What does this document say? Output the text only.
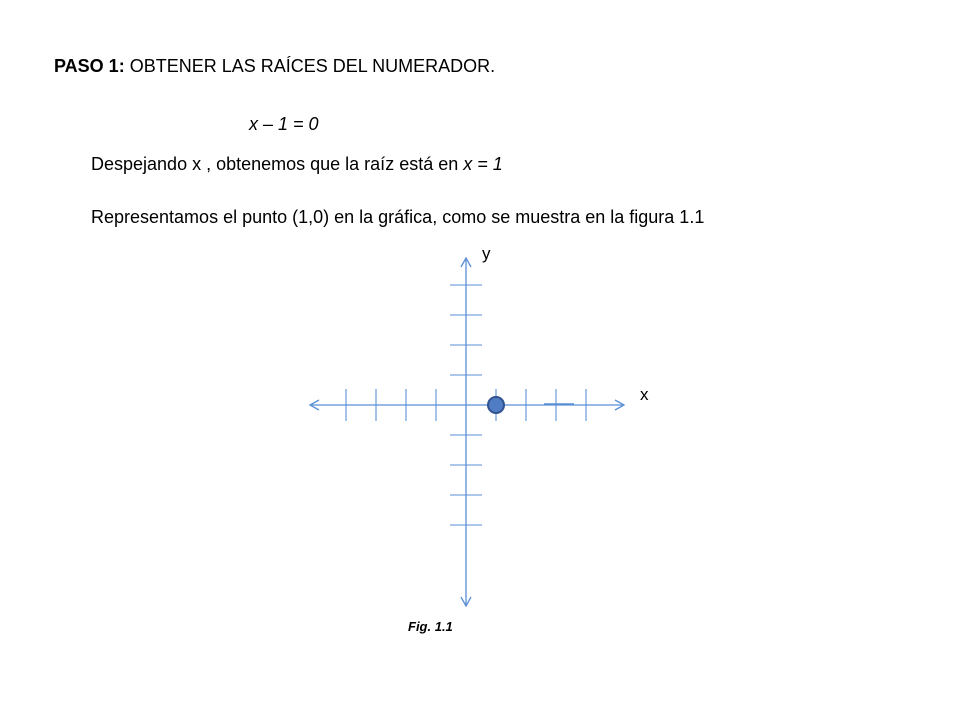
PASO 1: OBTENER LAS RAÍCES DEL NUMERADOR.
x – 1 = 0
Despejando x , obtenemos que la raíz está en x = 1
Representamos el punto (1,0) en la gráfica, como se muestra en la figura 1.1
y
x
Fig. 1.1
